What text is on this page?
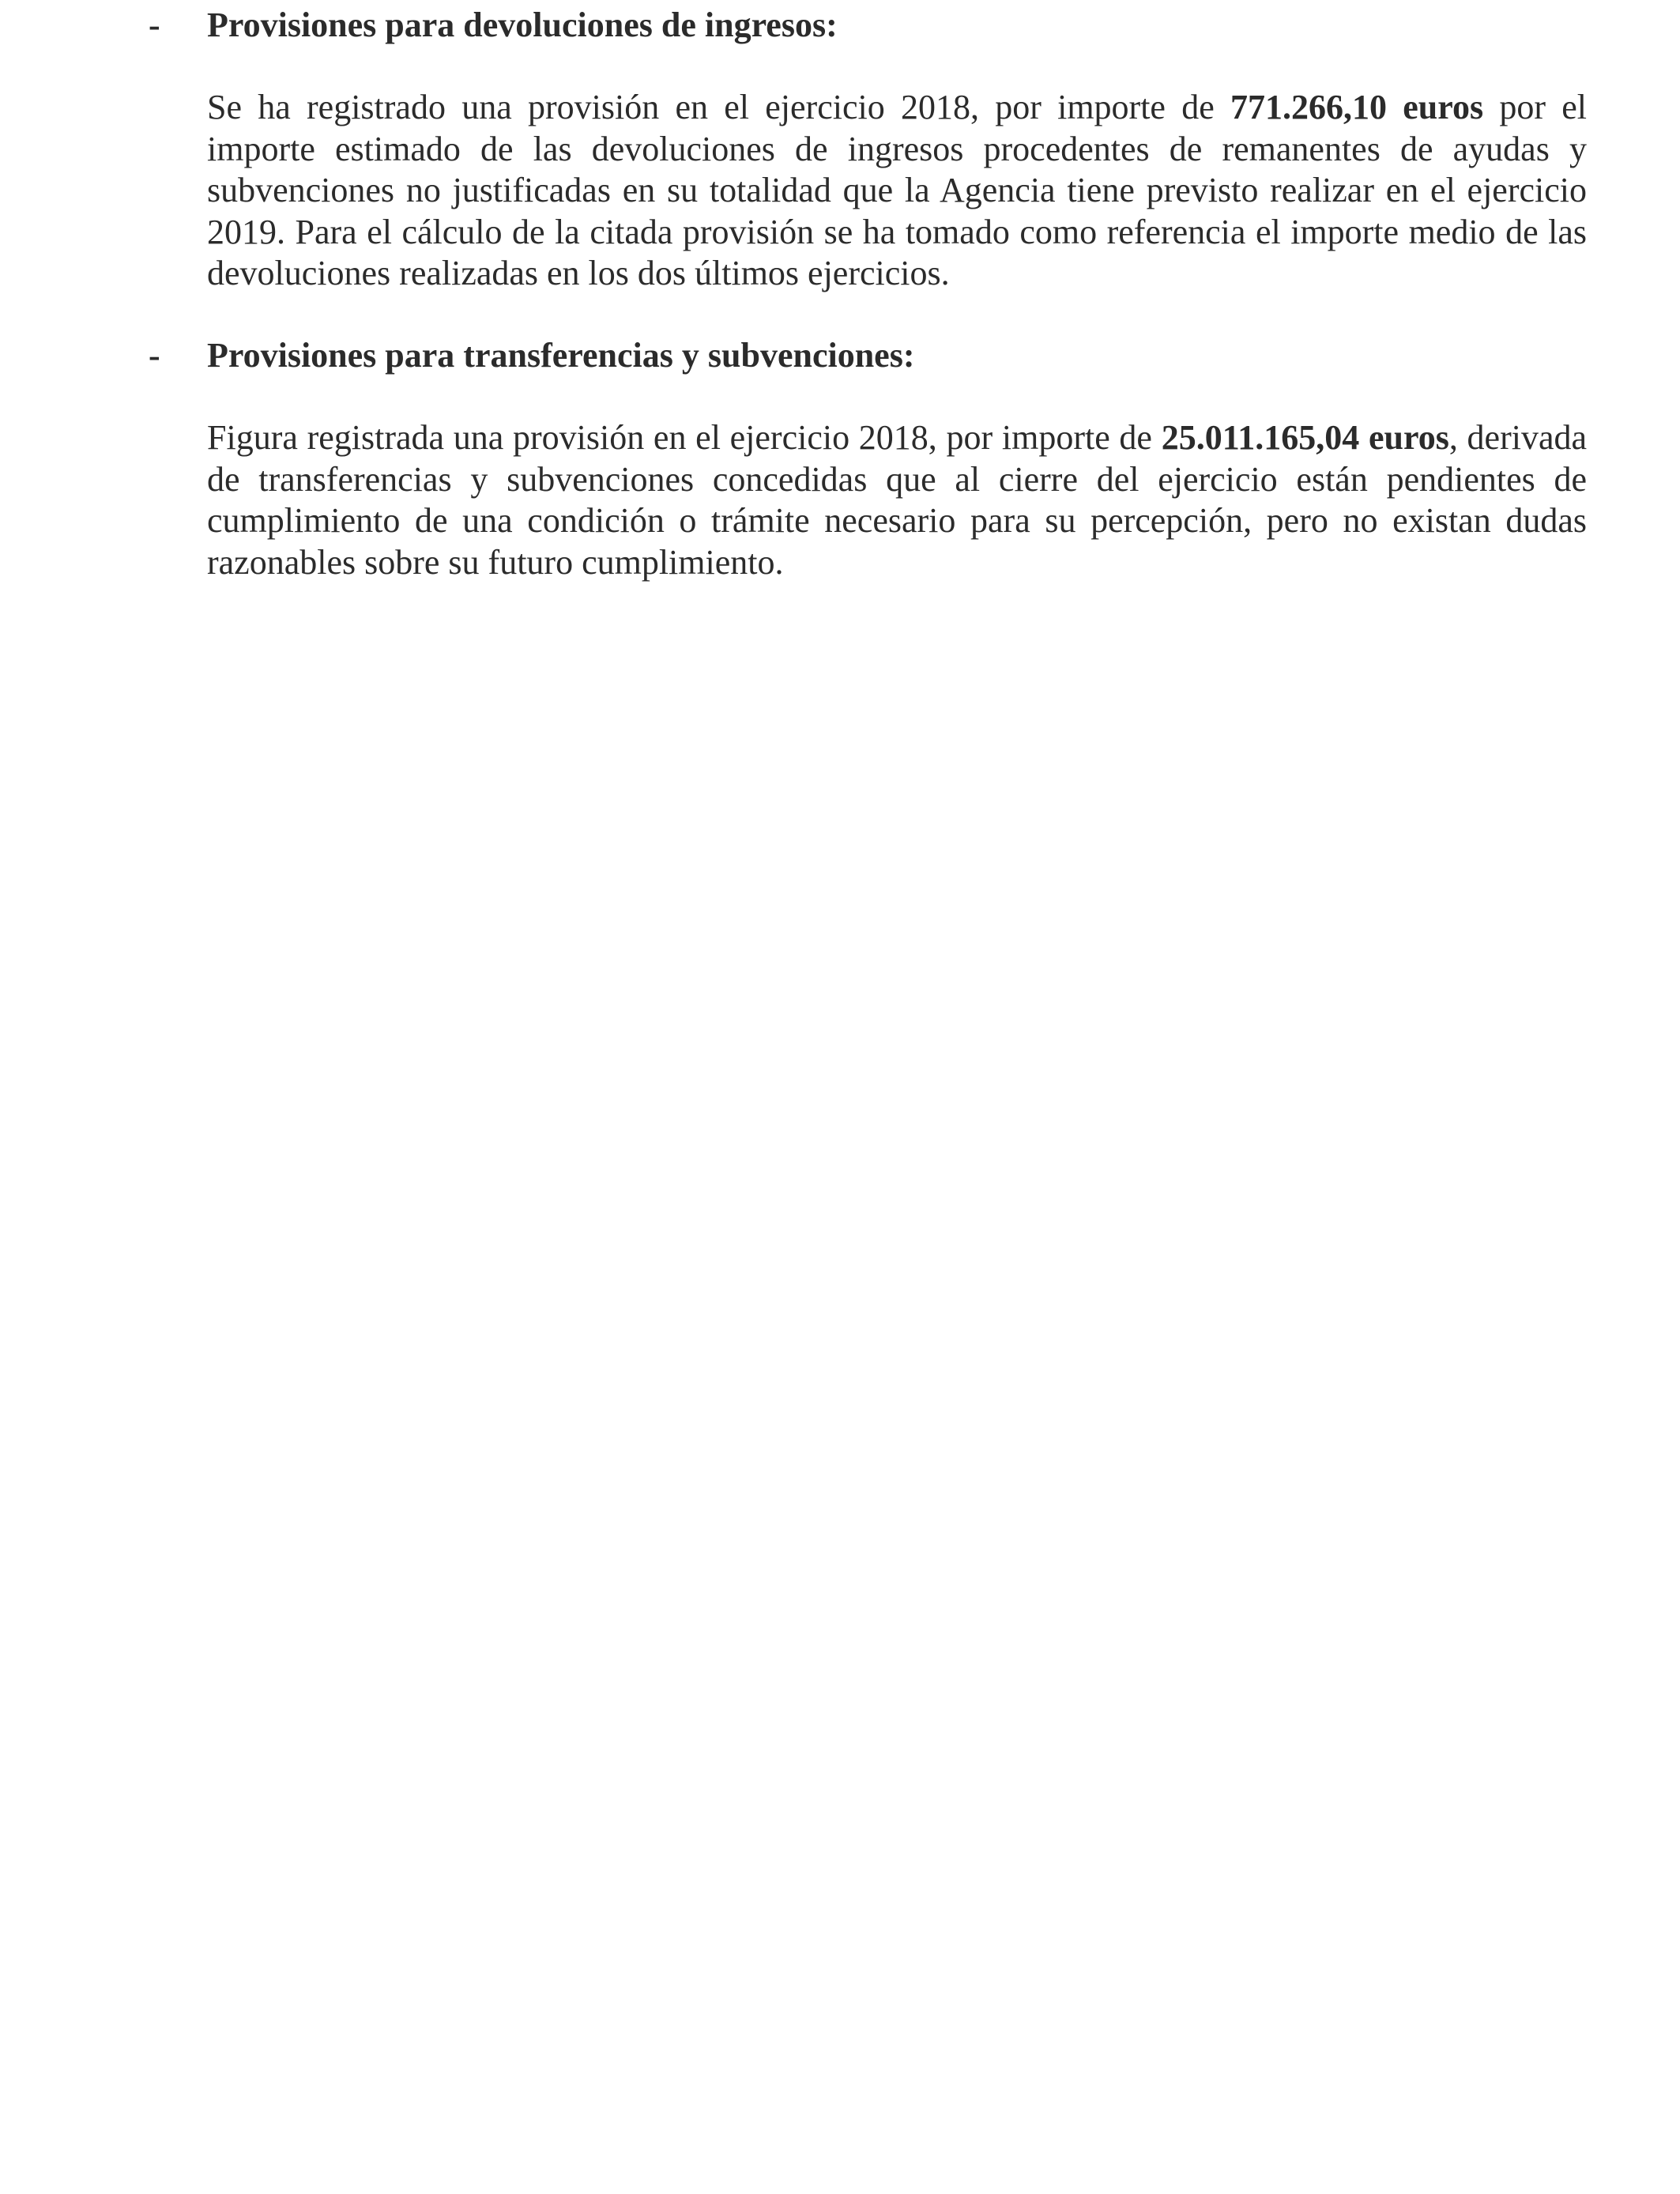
- Provisiones para devoluciones de ingresos:

Se ha registrado una provisión en el ejercicio 2018, por importe de 771.266,10 euros por el importe estimado de las devoluciones de ingresos procedentes de remanentes de ayudas y subvenciones no justificadas en su totalidad que la Agencia tiene previsto realizar en el ejercicio 2019. Para el cálculo de la citada provisión se ha tomado como referencia el importe medio de las devoluciones realizadas en los dos últimos ejercicios.

- Provisiones para transferencias y subvenciones:

Figura registrada una provisión en el ejercicio 2018, por importe de 25.011.165,04 euros, derivada de transferencias y subvenciones concedidas que al cierre del ejercicio están pendientes de cumplimiento de una condición o trámite necesario para su percepción, pero no existan dudas razonables sobre su futuro cumplimiento.
